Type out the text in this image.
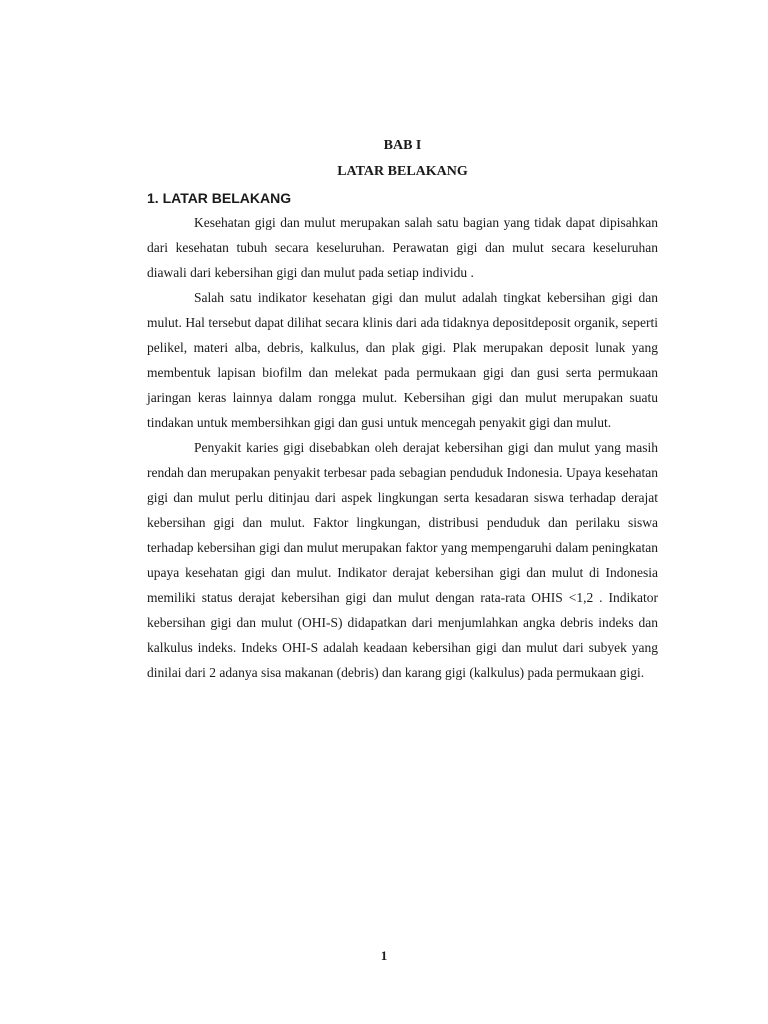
BAB I

LATAR BELAKANG

1. LATAR BELAKANG

Kesehatan gigi dan mulut merupakan salah satu bagian yang tidak dapat dipisahkan dari kesehatan tubuh secara keseluruhan. Perawatan gigi dan mulut secara keseluruhan diawali dari kebersihan gigi dan mulut pada setiap individu .

Salah satu indikator kesehatan gigi dan mulut adalah tingkat kebersihan gigi dan mulut. Hal tersebut dapat dilihat secara klinis dari ada tidaknya depositdeposit organik, seperti pelikel, materi alba, debris, kalkulus, dan plak gigi. Plak merupakan deposit lunak yang membentuk lapisan biofilm dan melekat pada permukaan gigi dan gusi serta permukaan jaringan keras lainnya dalam rongga mulut. Kebersihan gigi dan mulut merupakan suatu tindakan untuk membersihkan gigi dan gusi untuk mencegah penyakit gigi dan mulut.

Penyakit karies gigi disebabkan oleh derajat kebersihan gigi dan mulut yang masih rendah dan merupakan penyakit terbesar pada sebagian penduduk Indonesia. Upaya kesehatan gigi dan mulut perlu ditinjau dari aspek lingkungan serta kesadaran siswa terhadap derajat kebersihan gigi dan mulut. Faktor lingkungan, distribusi penduduk dan perilaku siswa terhadap kebersihan gigi dan mulut merupakan faktor yang mempengaruhi dalam peningkatan upaya kesehatan gigi dan mulut. Indikator derajat kebersihan gigi dan mulut di Indonesia memiliki status derajat kebersihan gigi dan mulut dengan rata-rata OHIS <1,2 . Indikator kebersihan gigi dan mulut (OHI-S) didapatkan dari menjumlahkan angka debris indeks dan kalkulus indeks. Indeks OHI-S adalah keadaan kebersihan gigi dan mulut dari subyek yang dinilai dari 2 adanya sisa makanan (debris) dan karang gigi (kalkulus) pada permukaan gigi.

1
